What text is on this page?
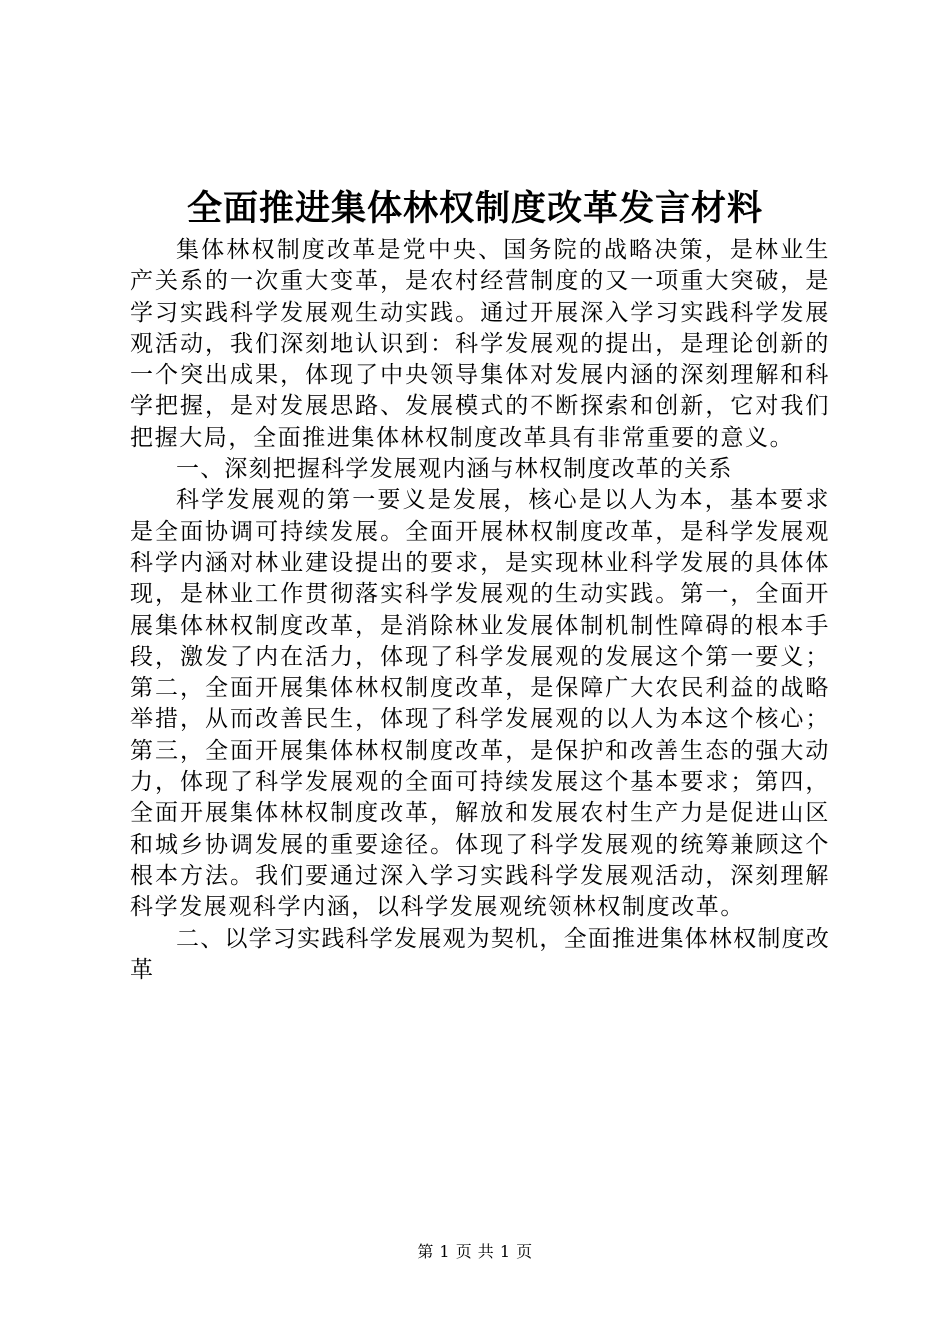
全面推进集体林权制度改革发言材料

集体林权制度改革是党中央、国务院的战略决策，是林业生产关系的一次重大变革，是农村经营制度的又一项重大突破，是学习实践科学发展观生动实践。通过开展深入学习实践科学发展观活动，我们深刻地认识到：科学发展观的提出，是理论创新的一个突出成果，体现了中央领导集体对发展内涵的深刻理解和科学把握，是对发展思路、发展模式的不断探索和创新，它对我们把握大局，全面推进集体林权制度改革具有非常重要的意义。

一、深刻把握科学发展观内涵与林权制度改革的关系

科学发展观的第一要义是发展，核心是以人为本，基本要求是全面协调可持续发展。全面开展林权制度改革，是科学发展观科学内涵对林业建设提出的要求，是实现林业科学发展的具体体现，是林业工作贯彻落实科学发展观的生动实践。第一，全面开展集体林权制度改革，是消除林业发展体制机制性障碍的根本手段，激发了内在活力，体现了科学发展观的发展这个第一要义；第二，全面开展集体林权制度改革，是保障广大农民利益的战略举措，从而改善民生，体现了科学发展观的以人为本这个核心；第三，全面开展集体林权制度改革，是保护和改善生态的强大动力，体现了科学发展观的全面可持续发展这个基本要求；第四，全面开展集体林权制度改革，解放和发展农村生产力是促进山区和城乡协调发展的重要途径。体现了科学发展观的统筹兼顾这个根本方法。我们要通过深入学习实践科学发展观活动，深刻理解科学发展观科学内涵，以科学发展观统领林权制度改革。

二、以学习实践科学发展观为契机，全面推进集体林权制度改革

第 1 页 共 1 页
